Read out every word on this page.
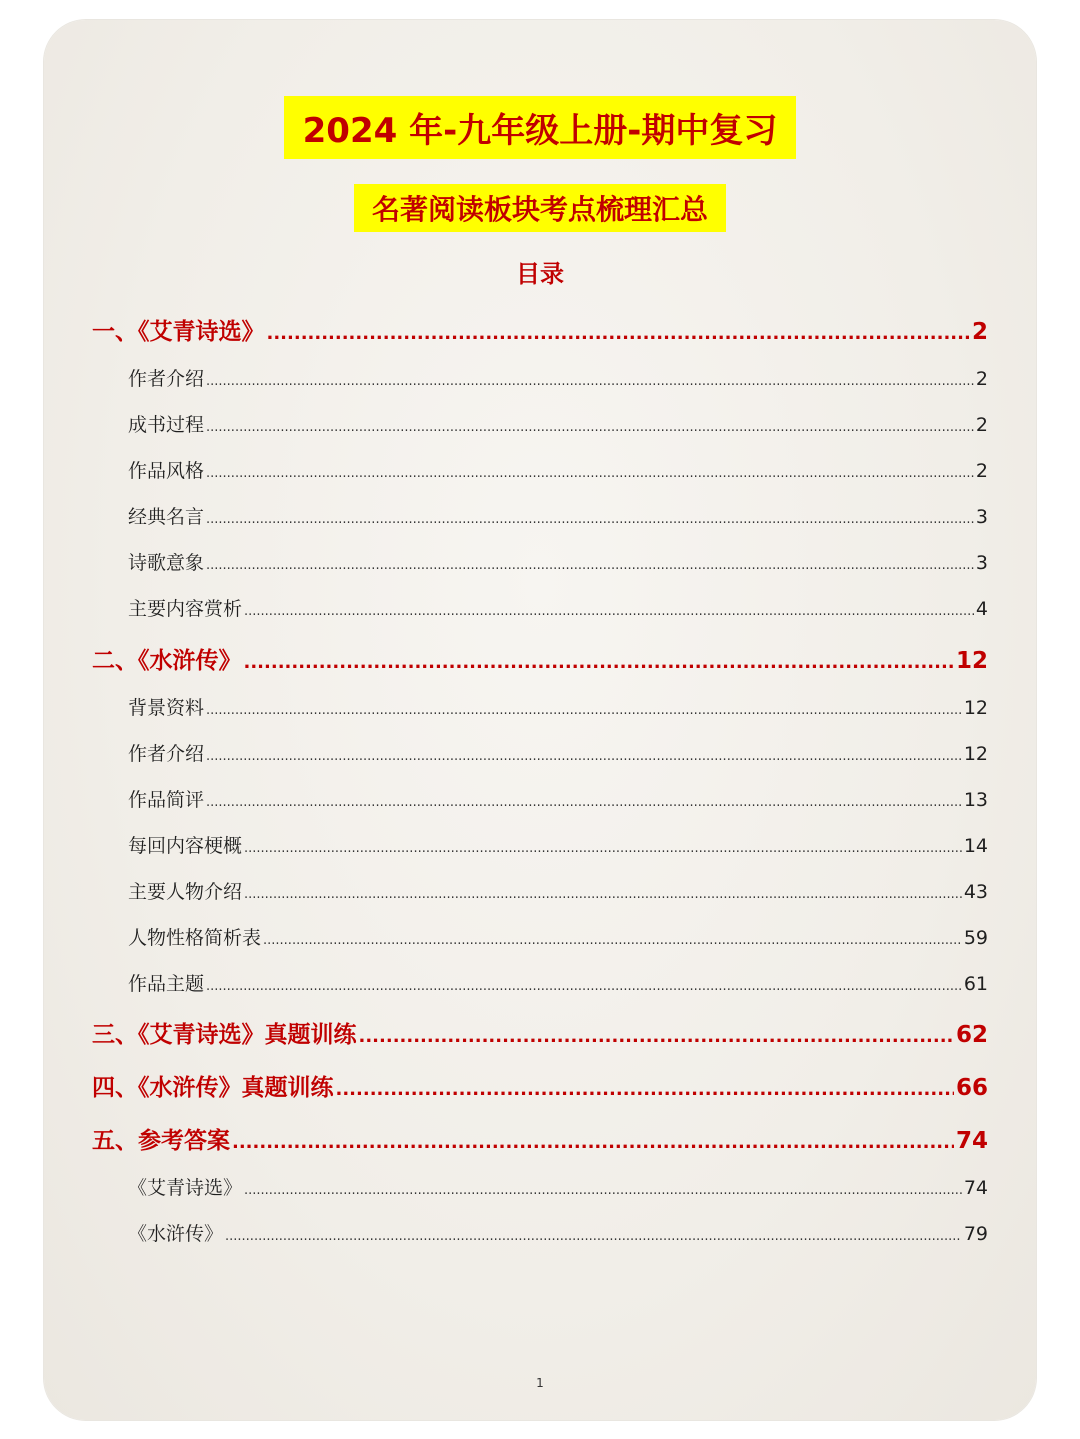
2024 年-九年级上册-期中复习
名著阅读板块考点梳理汇总
目录
一、《艾青诗选》 .....	2
作者介绍 .....	2
成书过程 .....	2
作品风格 .....	2
经典名言 .....	3
诗歌意象 .....	3
主要内容赏析 .....	4
二、《水浒传》 .....	12
背景资料 .....	12
作者介绍 .....	12
作品简评 .....	13
每回内容梗概 .....	14
主要人物介绍 .....	43
人物性格简析表 .....	59
作品主题 .....	61
三、《艾青诗选》真题训练 .....	62
四、《水浒传》真题训练 .....	66
五、参考答案 .....	74
《艾青诗选》 .....	74
《水浒传》 .....	79
1
